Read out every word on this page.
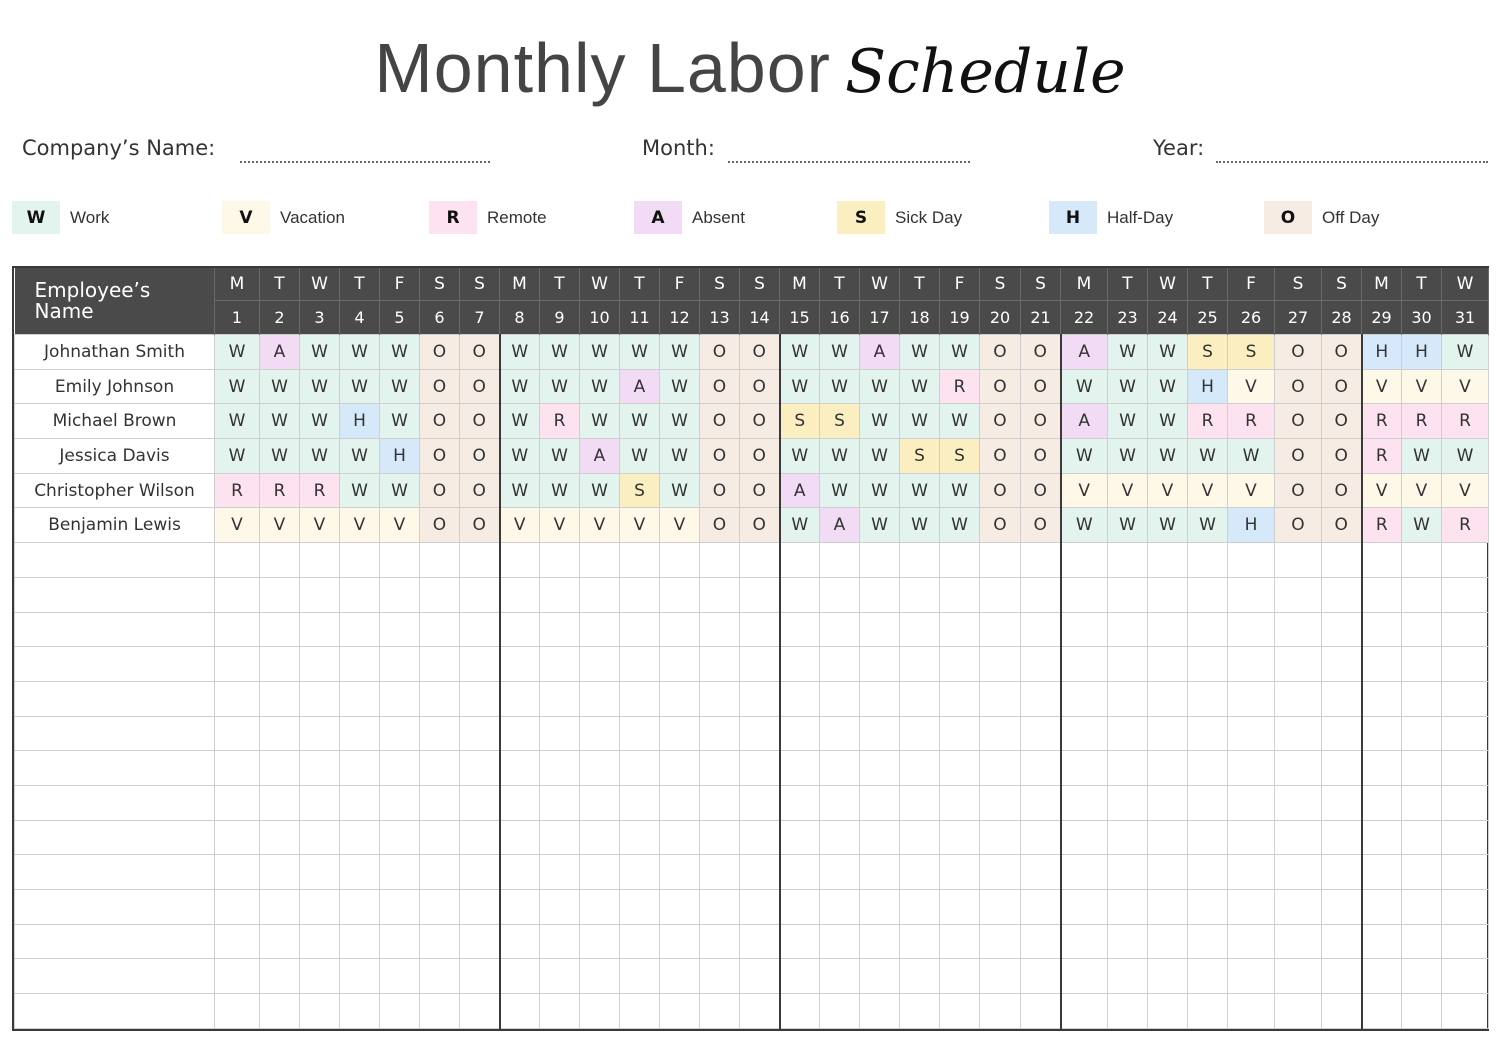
Monthly Labor Schedule
Company’s Name:	Month:	Year:
W	Work	V	Vacation	R	Remote	A	Absent	S	Sick Day	H	Half-Day	O	Off Day
Employee’s Name	M	T	W	T	F	S	S	M	T	W	T	F	S	S	M	T	W	T	F	S	S	M	T	W	T	F	S	S	M	T	W
	1	2	3	4	5	6	7	8	9	10	11	12	13	14	15	16	17	18	19	20	21	22	23	24	25	26	27	28	29	30	31
Johnathan Smith	W	A	W	W	W	O	O	W	W	W	W	W	O	O	W	W	A	W	W	O	O	A	W	W	S	S	O	O	H	H	W
Emily Johnson	W	W	W	W	W	O	O	W	W	W	A	W	O	O	W	W	W	W	R	O	O	W	W	W	H	V	O	O	V	V	V
Michael Brown	W	W	W	H	W	O	O	W	R	W	W	W	O	O	S	S	W	W	W	O	O	A	W	W	R	R	O	O	R	R	R
Jessica Davis	W	W	W	W	H	O	O	W	W	A	W	W	O	O	W	W	W	S	S	O	O	W	W	W	W	W	O	O	R	W	W
Christopher Wilson	R	R	R	W	W	O	O	W	W	W	S	W	O	O	A	W	W	W	W	O	O	V	V	V	V	V	O	O	V	V	V
Benjamin Lewis	V	V	V	V	V	O	O	V	V	V	V	V	O	O	W	A	W	W	W	O	O	W	W	W	W	H	O	O	R	W	R
